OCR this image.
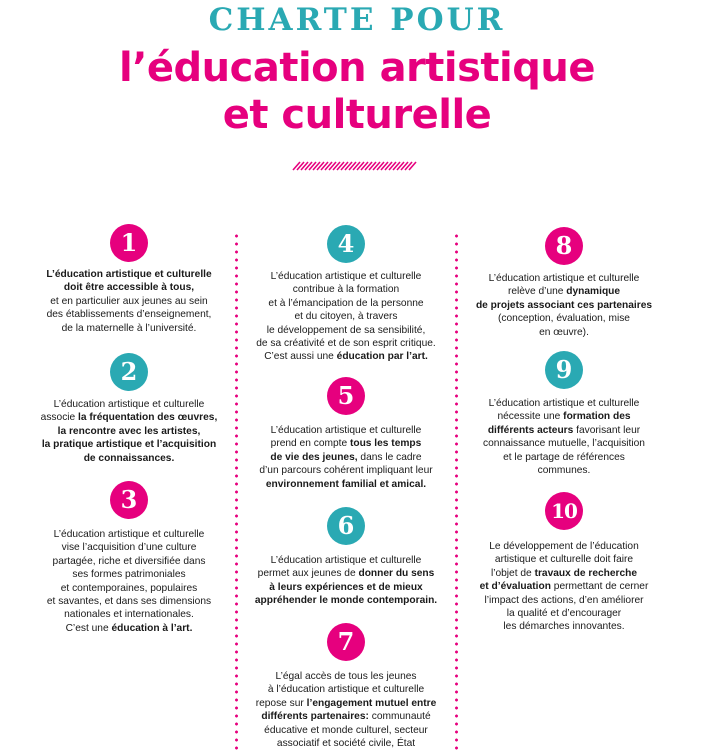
CHARTE POUR
l’éducation artistique
et culturelle
1
L’éducation artistique et culturelle
doit être accessible à tous,
et en particulier aux jeunes au sein
des établissements d’enseignement,
de la maternelle à l’université.
2
L’éducation artistique et culturelle
associe la fréquentation des œuvres,
la rencontre avec les artistes,
la pratique artistique et l’acquisition
de connaissances.
3
L’éducation artistique et culturelle
vise l’acquisition d’une culture
partagée, riche et diversifiée dans
ses formes patrimoniales
et contemporaines, populaires
et savantes, et dans ses dimensions
nationales et internationales.
C’est une éducation à l’art.
4
L’éducation artistique et culturelle
contribue à la formation
et à l’émancipation de la personne
et du citoyen, à travers
le développement de sa sensibilité,
de sa créativité et de son esprit critique.
C’est aussi une éducation par l’art.
5
L’éducation artistique et culturelle
prend en compte tous les temps
de vie des jeunes, dans le cadre
d’un parcours cohérent impliquant leur
environnement familial et amical.
6
L’éducation artistique et culturelle
permet aux jeunes de donner du sens
à leurs expériences et de mieux
appréhender le monde contemporain.
7
L’égal accès de tous les jeunes
à l’éducation artistique et culturelle
repose sur l’engagement mutuel entre
différents partenaires: communauté
éducative et monde culturel, secteur
associatif et société civile, État
8
L’éducation artistique et culturelle
relève d’une dynamique
de projets associant ces partenaires
(conception, évaluation, mise
en œuvre).
9
L’éducation artistique et culturelle
nécessite une formation des
différents acteurs favorisant leur
connaissance mutuelle, l’acquisition
et le partage de références
communes.
10
Le développement de l’éducation
artistique et culturelle doit faire
l’objet de travaux de recherche
et d’évaluation permettant de cerner
l’impact des actions, d’en améliorer
la qualité et d’encourager
les démarches innovantes.
